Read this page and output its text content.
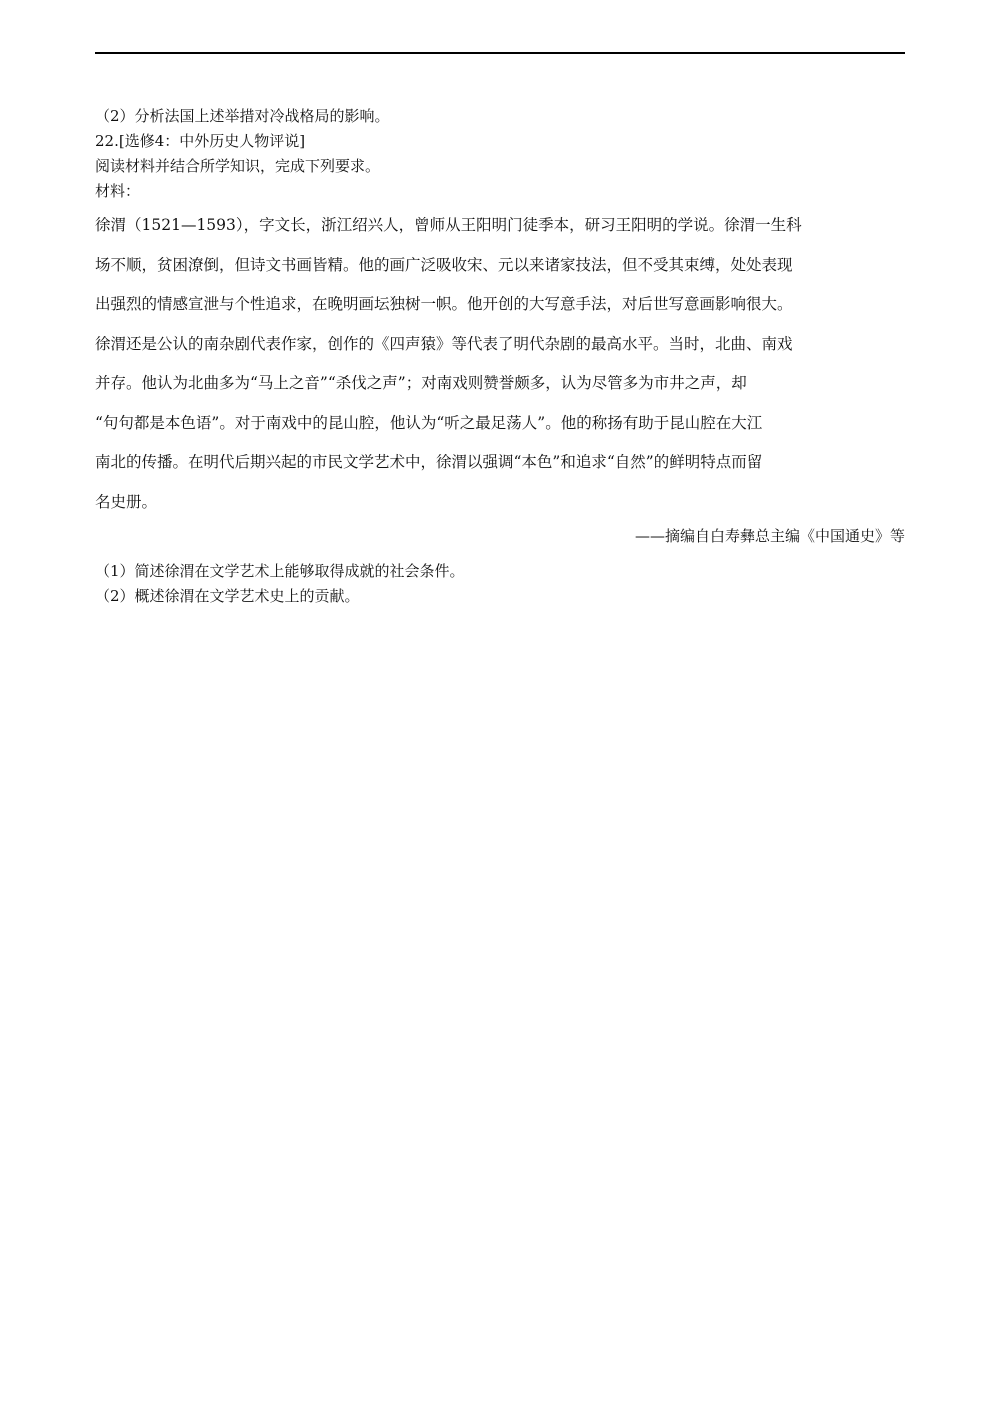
（2）分析法国上述举措对冷战格局的影响。
22.[选修4：中外历史人物评说]
阅读材料并结合所学知识，完成下列要求。
材料：
徐渭（1521—1593），字文长，浙江绍兴人，曾师从王阳明门徒季本，研习王阳明的学说。徐渭一生科
场不顺，贫困潦倒，但诗文书画皆精。他的画广泛吸收宋、元以来诸家技法，但不受其束缚，处处表现
出强烈的情感宣泄与个性追求，在晚明画坛独树一帜。他开创的大写意手法，对后世写意画影响很大。
徐渭还是公认的南杂剧代表作家，创作的《四声猿》等代表了明代杂剧的最高水平。当时，北曲、南戏
并存。他认为北曲多为“马上之音”“杀伐之声”；对南戏则赞誉颇多，认为尽管多为市井之声，却
“句句都是本色语”。对于南戏中的昆山腔，他认为“听之最足荡人”。他的称扬有助于昆山腔在大江
南北的传播。在明代后期兴起的市民文学艺术中，徐渭以强调“本色”和追求“自然”的鲜明特点而留
名史册。
——摘编自白寿彝总主编《中国通史》等
（1）简述徐渭在文学艺术上能够取得成就的社会条件。
（2）概述徐渭在文学艺术史上的贡献。
